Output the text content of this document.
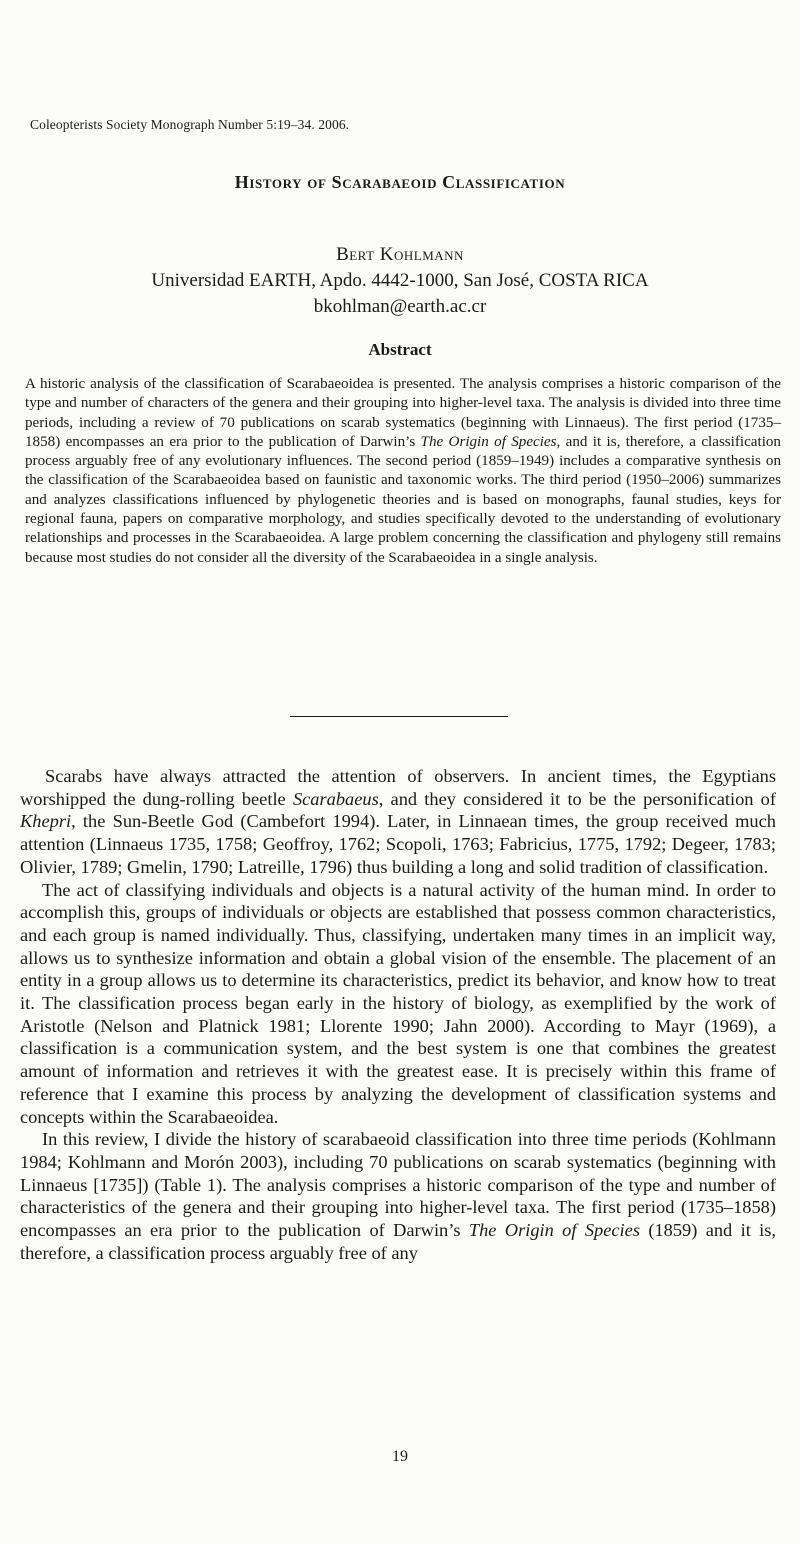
Coleopterists Society Monograph Number 5:19–34. 2006.
History of Scarabaeoid Classification
Bert Kohlmann
Universidad EARTH, Apdo. 4442-1000, San José, COSTA RICA
bkohlman@earth.ac.cr
Abstract

A historic analysis of the classification of Scarabaeoidea is presented. The analysis comprises a historic comparison of the type and number of characters of the genera and their grouping into higher-level taxa. The analysis is divided into three time periods, including a review of 70 publications on scarab systematics (beginning with Linnaeus). The first period (1735–1858) encompasses an era prior to the publication of Darwin’s The Origin of Species, and it is, therefore, a classification process arguably free of any evolutionary influences. The second period (1859–1949) includes a comparative synthesis on the classification of the Scarabaeoidea based on faunistic and taxonomic works. The third period (1950–2006) summarizes and analyzes classifications influenced by phylogenetic theories and is based on monographs, faunal studies, keys for regional fauna, papers on comparative morphology, and studies specifically devoted to the understanding of evolutionary relationships and processes in the Scarabaeoidea. A large problem concerning the classification and phylogeny still remains because most studies do not consider all the diversity of the Scarabaeoidea in a single analysis.

Scarabs have always attracted the attention of observers. In ancient times, the Egyptians worshipped the dung-rolling beetle Scarabaeus, and they considered it to be the personification of Khepri, the Sun-Beetle God (Cambefort 1994). Later, in Linnaean times, the group received much attention (Linnaeus 1735, 1758; Geoffroy, 1762; Scopoli, 1763; Fabricius, 1775, 1792; Degeer, 1783; Olivier, 1789; Gmelin, 1790; Latreille, 1796) thus building a long and solid tradition of classification.

The act of classifying individuals and objects is a natural activity of the human mind. In order to accomplish this, groups of individuals or objects are established that possess common characteristics, and each group is named individually. Thus, classifying, undertaken many times in an implicit way, allows us to synthesize information and obtain a global vision of the ensemble. The placement of an entity in a group allows us to determine its characteristics, predict its behavior, and know how to treat it. The classification process began early in the history of biology, as exemplified by the work of Aristotle (Nelson and Platnick 1981; Llorente 1990; Jahn 2000). According to Mayr (1969), a classification is a communication system, and the best system is one that combines the greatest amount of information and retrieves it with the greatest ease. It is precisely within this frame of reference that I examine this process by analyzing the development of classification systems and concepts within the Scarabaeoidea.

In this review, I divide the history of scarabaeoid classification into three time periods (Kohlmann 1984; Kohlmann and Morón 2003), including 70 publications on scarab systematics (beginning with Linnaeus [1735]) (Table 1). The analysis comprises a historic comparison of the type and number of characteristics of the genera and their grouping into higher-level taxa. The first period (1735–1858) encompasses an era prior to the publication of Darwin’s The Origin of Species (1859) and it is, therefore, a classification process arguably free of any

19
